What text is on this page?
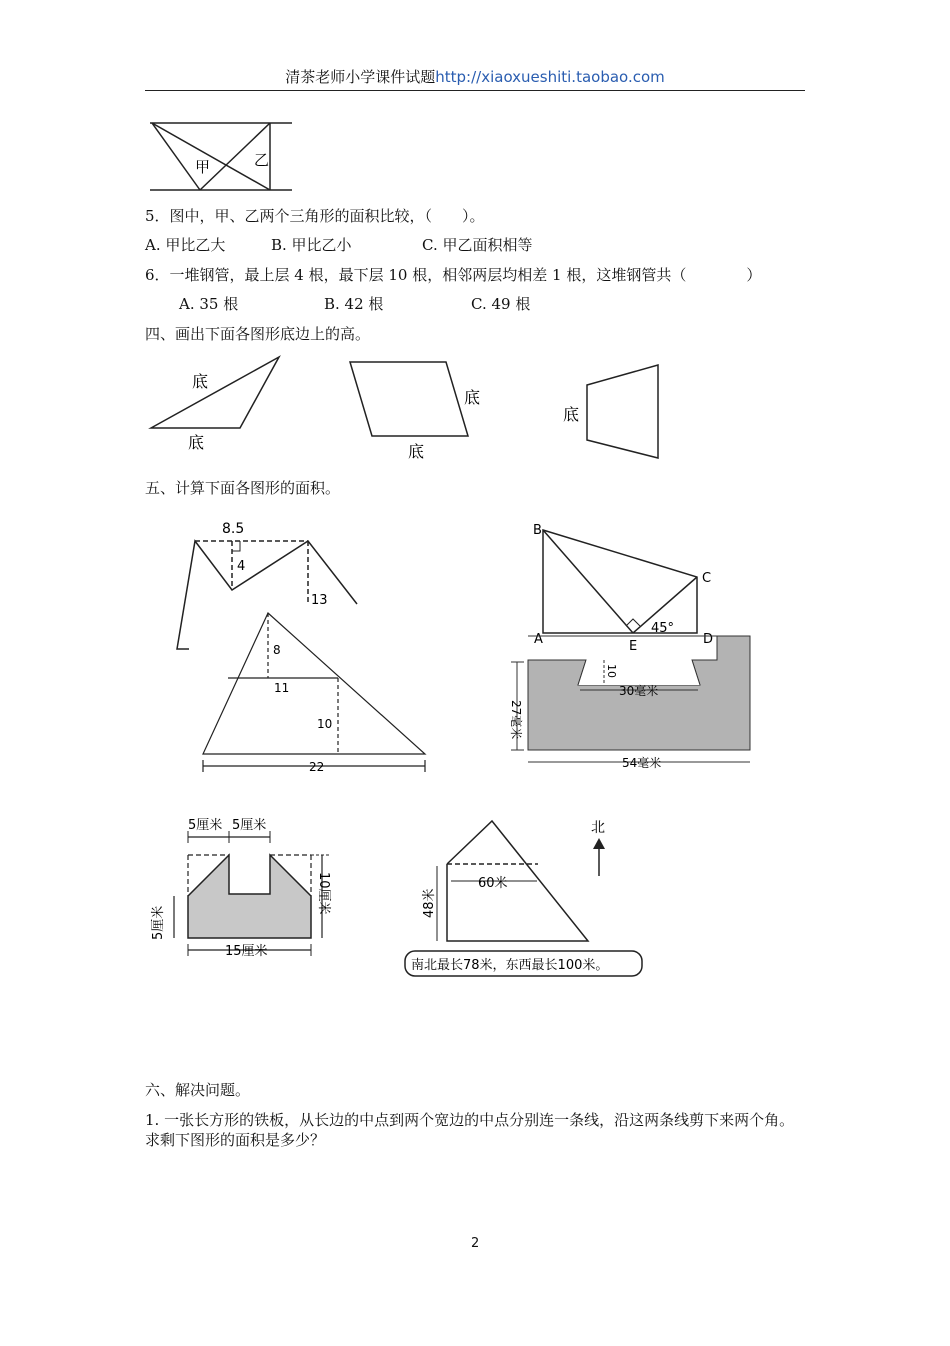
清茶老师小学课件试题http://xiaoxueshiti.taobao.com
甲	乙
底
底
底
底
底
8.5
4
13
8
11
10
22
B
C
A	D
E
45°
27毫米
10
30毫米
54毫米
5厘米 5厘米
5厘米
10厘米
15厘米
北
60米
48米
南北最长78米，东西最长100米。
5．图中，甲、乙两个三角形的面积比较，（　　）。
A. 甲比乙大	B. 甲比乙小	C. 甲乙面积相等
6．一堆钢管，最上层 4 根，最下层 10 根，相邻两层均相差 1 根，这堆钢管共（　　　　）
A. 35 根	B. 42 根	C. 49 根
四、画出下面各图形底边上的高。
五、计算下面各图形的面积。
六、解决问题。
1. 一张长方形的铁板，从长边的中点到两个宽边的中点分别连一条线，沿这两条线剪下来两个角。求剩下图形的面积是多少？
2
